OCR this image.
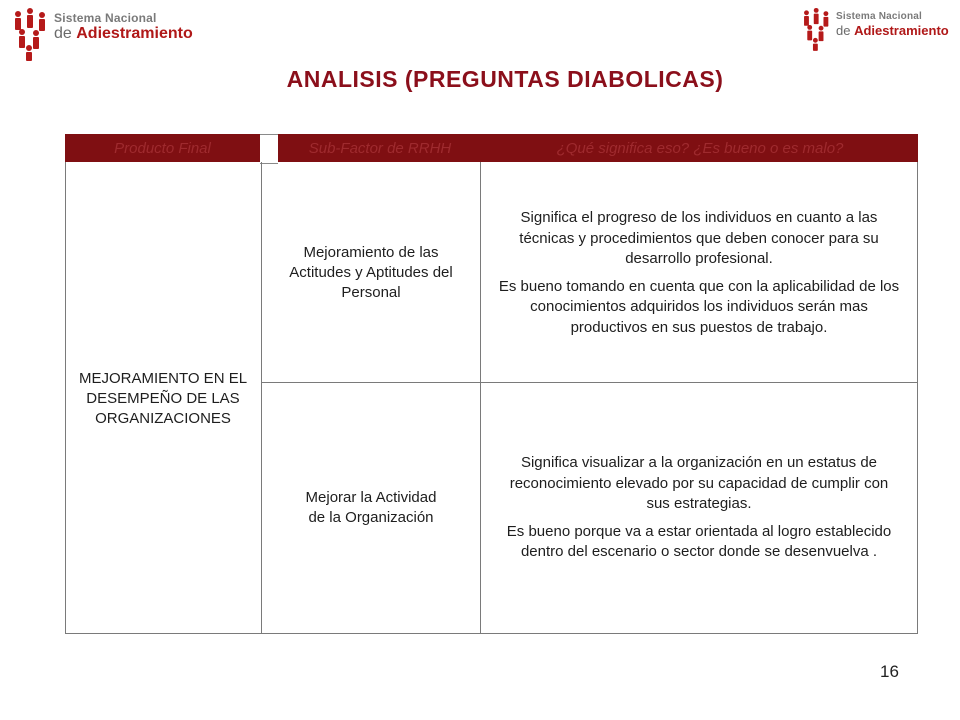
Sistema Nacional
de Adiestramiento
Sistema Nacional
de Adiestramiento
ANALISIS (PREGUNTAS DIABOLICAS)
Producto Final	Sub-Factor de RRHH	¿Qué significa eso? ¿Es bueno o es malo?
MEJORAMIENTO EN EL DESEMPEÑO DE LAS ORGANIZACIONES
Mejoramiento de las Actitudes y Aptitudes del Personal

Significa el progreso de los individuos en cuanto a las técnicas y procedimientos que deben conocer para su desarrollo profesional.

Es bueno tomando en cuenta que con la aplicabilidad de los conocimientos adquiridos los individuos serán mas productivos en sus puestos de trabajo.

Mejorar la Actividad de la Organización

Significa visualizar a la organización en un estatus de reconocimiento elevado por su capacidad de cumplir con sus estrategias.

Es bueno porque va a estar orientada al logro establecido dentro del escenario o sector donde se desenvuelva .

16
